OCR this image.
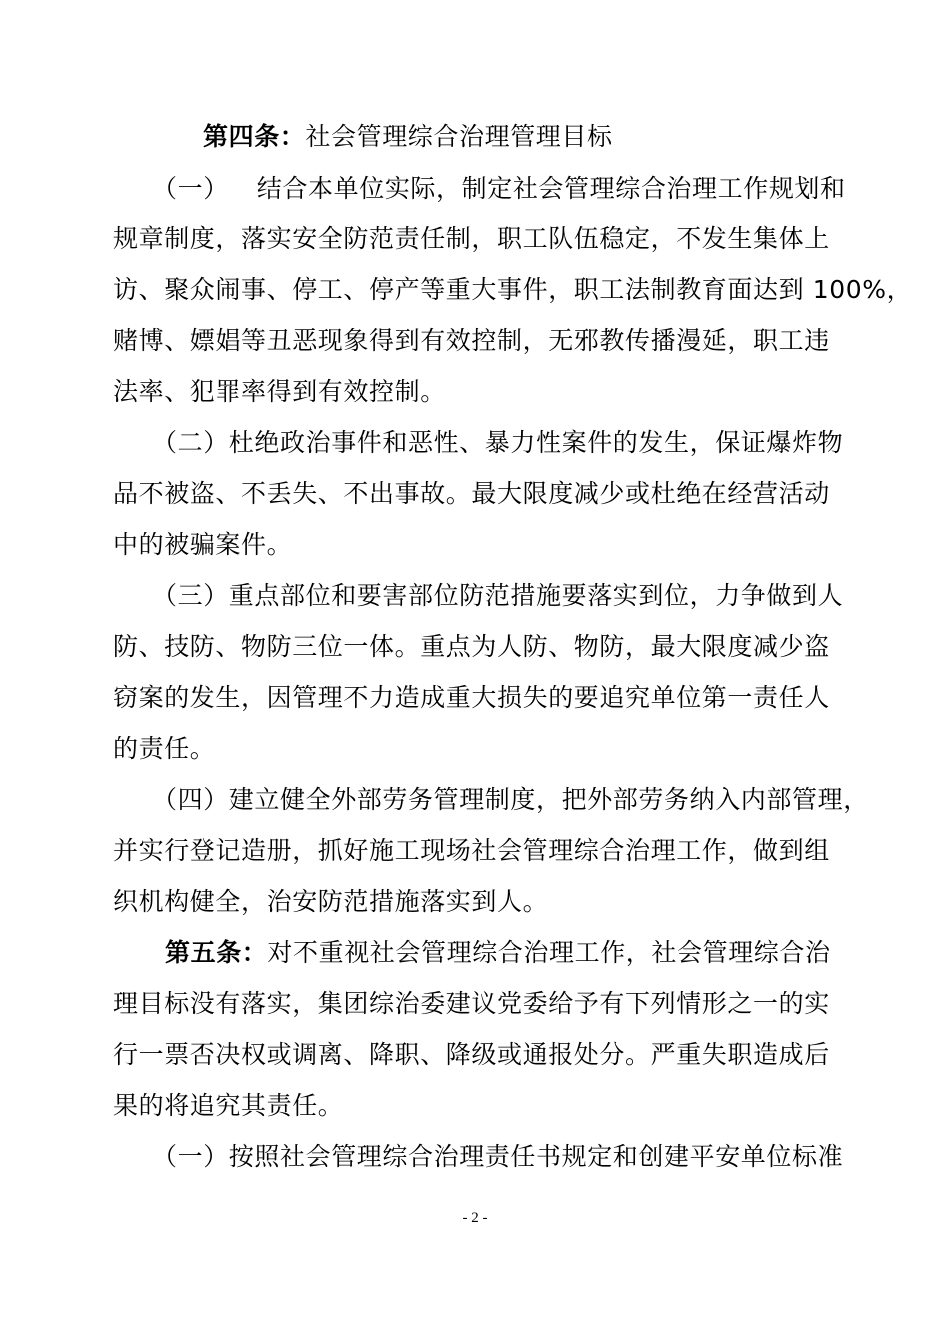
第四条：社会管理综合治理管理目标
（一） 结合本单位实际，制定社会管理综合治理工作规划和
规章制度，落实安全防范责任制，职工队伍稳定，不发生集体上
访、聚众闹事、停工、停产等重大事件，职工法制教育面达到 100%，
赌博、嫖娼等丑恶现象得到有效控制，无邪教传播漫延，职工违
法率、犯罪率得到有效控制。
（二）杜绝政治事件和恶性、暴力性案件的发生，保证爆炸物
品不被盗、不丢失、不出事故。最大限度减少或杜绝在经营活动
中的被骗案件。
（三）重点部位和要害部位防范措施要落实到位，力争做到人
防、技防、物防三位一体。重点为人防、物防，最大限度减少盗
窃案的发生，因管理不力造成重大损失的要追究单位第一责任人
的责任。
（四）建立健全外部劳务管理制度，把外部劳务纳入内部管理，
并实行登记造册，抓好施工现场社会管理综合治理工作，做到组
织机构健全，治安防范措施落实到人。
第五条：对不重视社会管理综合治理工作，社会管理综合治
理目标没有落实，集团综治委建议党委给予有下列情形之一的实
行一票否决权或调离、降职、降级或通报处分。严重失职造成后
果的将追究其责任。
（一）按照社会管理综合治理责任书规定和创建平安单位标准
- 2 -
